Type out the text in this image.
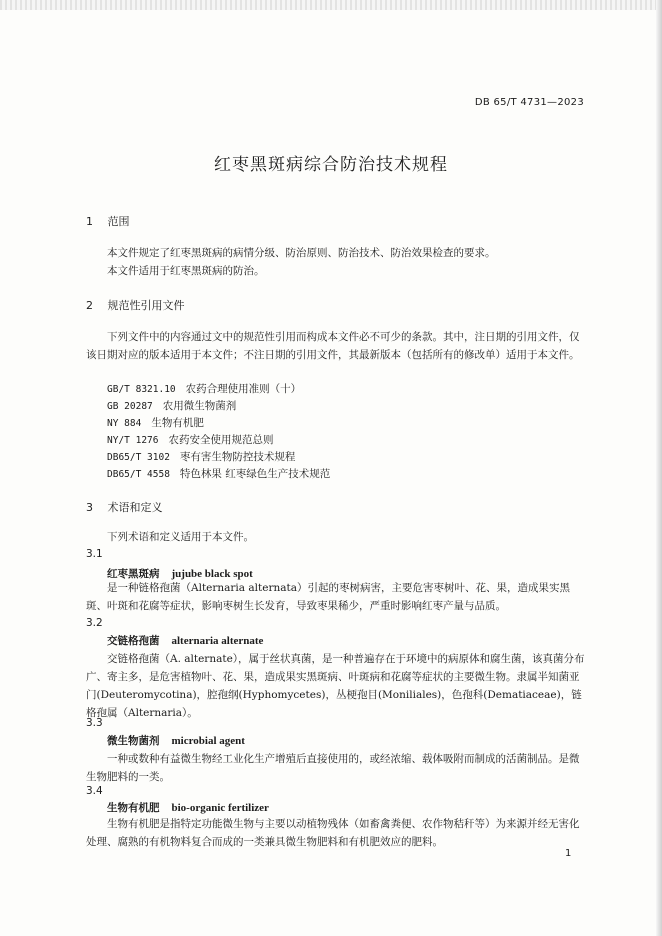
DB 65/T 4731—2023
红枣黑斑病综合防治技术规程
1 范围
本文件规定了红枣黑斑病的病情分级、防治原则、防治技术、防治效果检查的要求。
本文件适用于红枣黑斑病的防治。
2 规范性引用文件
下列文件中的内容通过文中的规范性引用而构成本文件必不可少的条款。其中，注日期的引用文件，仅该日期对应的版本适用于本文件；不注日期的引用文件，其最新版本（包括所有的修改单）适用于本文件。
GB/T 8321.10 农药合理使用准则（十）
GB 20287 农用微生物菌剂
NY 884 生物有机肥
NY/T 1276 农药安全使用规范总则
DB65/T 3102 枣有害生物防控技术规程
DB65/T 4558 特色林果 红枣绿色生产技术规范
3 术语和定义
下列术语和定义适用于本文件。
3.1
红枣黑斑病 jujube black spot
是一种链格孢菌（Alternaria alternata）引起的枣树病害，主要危害枣树叶、花、果，造成果实黑斑、叶斑和花腐等症状，影响枣树生长发育，导致枣果稀少，严重时影响红枣产量与品质。
3.2
交链格孢菌 alternaria alternate
交链格孢菌（A. alternate），属于丝状真菌，是一种普遍存在于环境中的病原体和腐生菌，该真菌分布广、寄主多，是危害植物叶、花、果，造成果实黑斑病、叶斑病和花腐等症状的主要微生物。隶属半知菌亚门(Deuteromycotina)，腔孢纲(Hyphomycetes)，丛梗孢目(Moniliales)，色孢科(Dematiaceae)，链格孢属（Alternaria）。
3.3
微生物菌剂 microbial agent
一种或数种有益微生物经工业化生产增殖后直接使用的，或经浓缩、载体吸附而制成的活菌制品。是微生物肥料的一类。
3.4
生物有机肥 bio-organic fertilizer
生物有机肥是指特定功能微生物与主要以动植物残体（如畜禽粪便、农作物秸秆等）为来源并经无害化处理、腐熟的有机物料复合而成的一类兼具微生物肥料和有机肥效应的肥料。
1
